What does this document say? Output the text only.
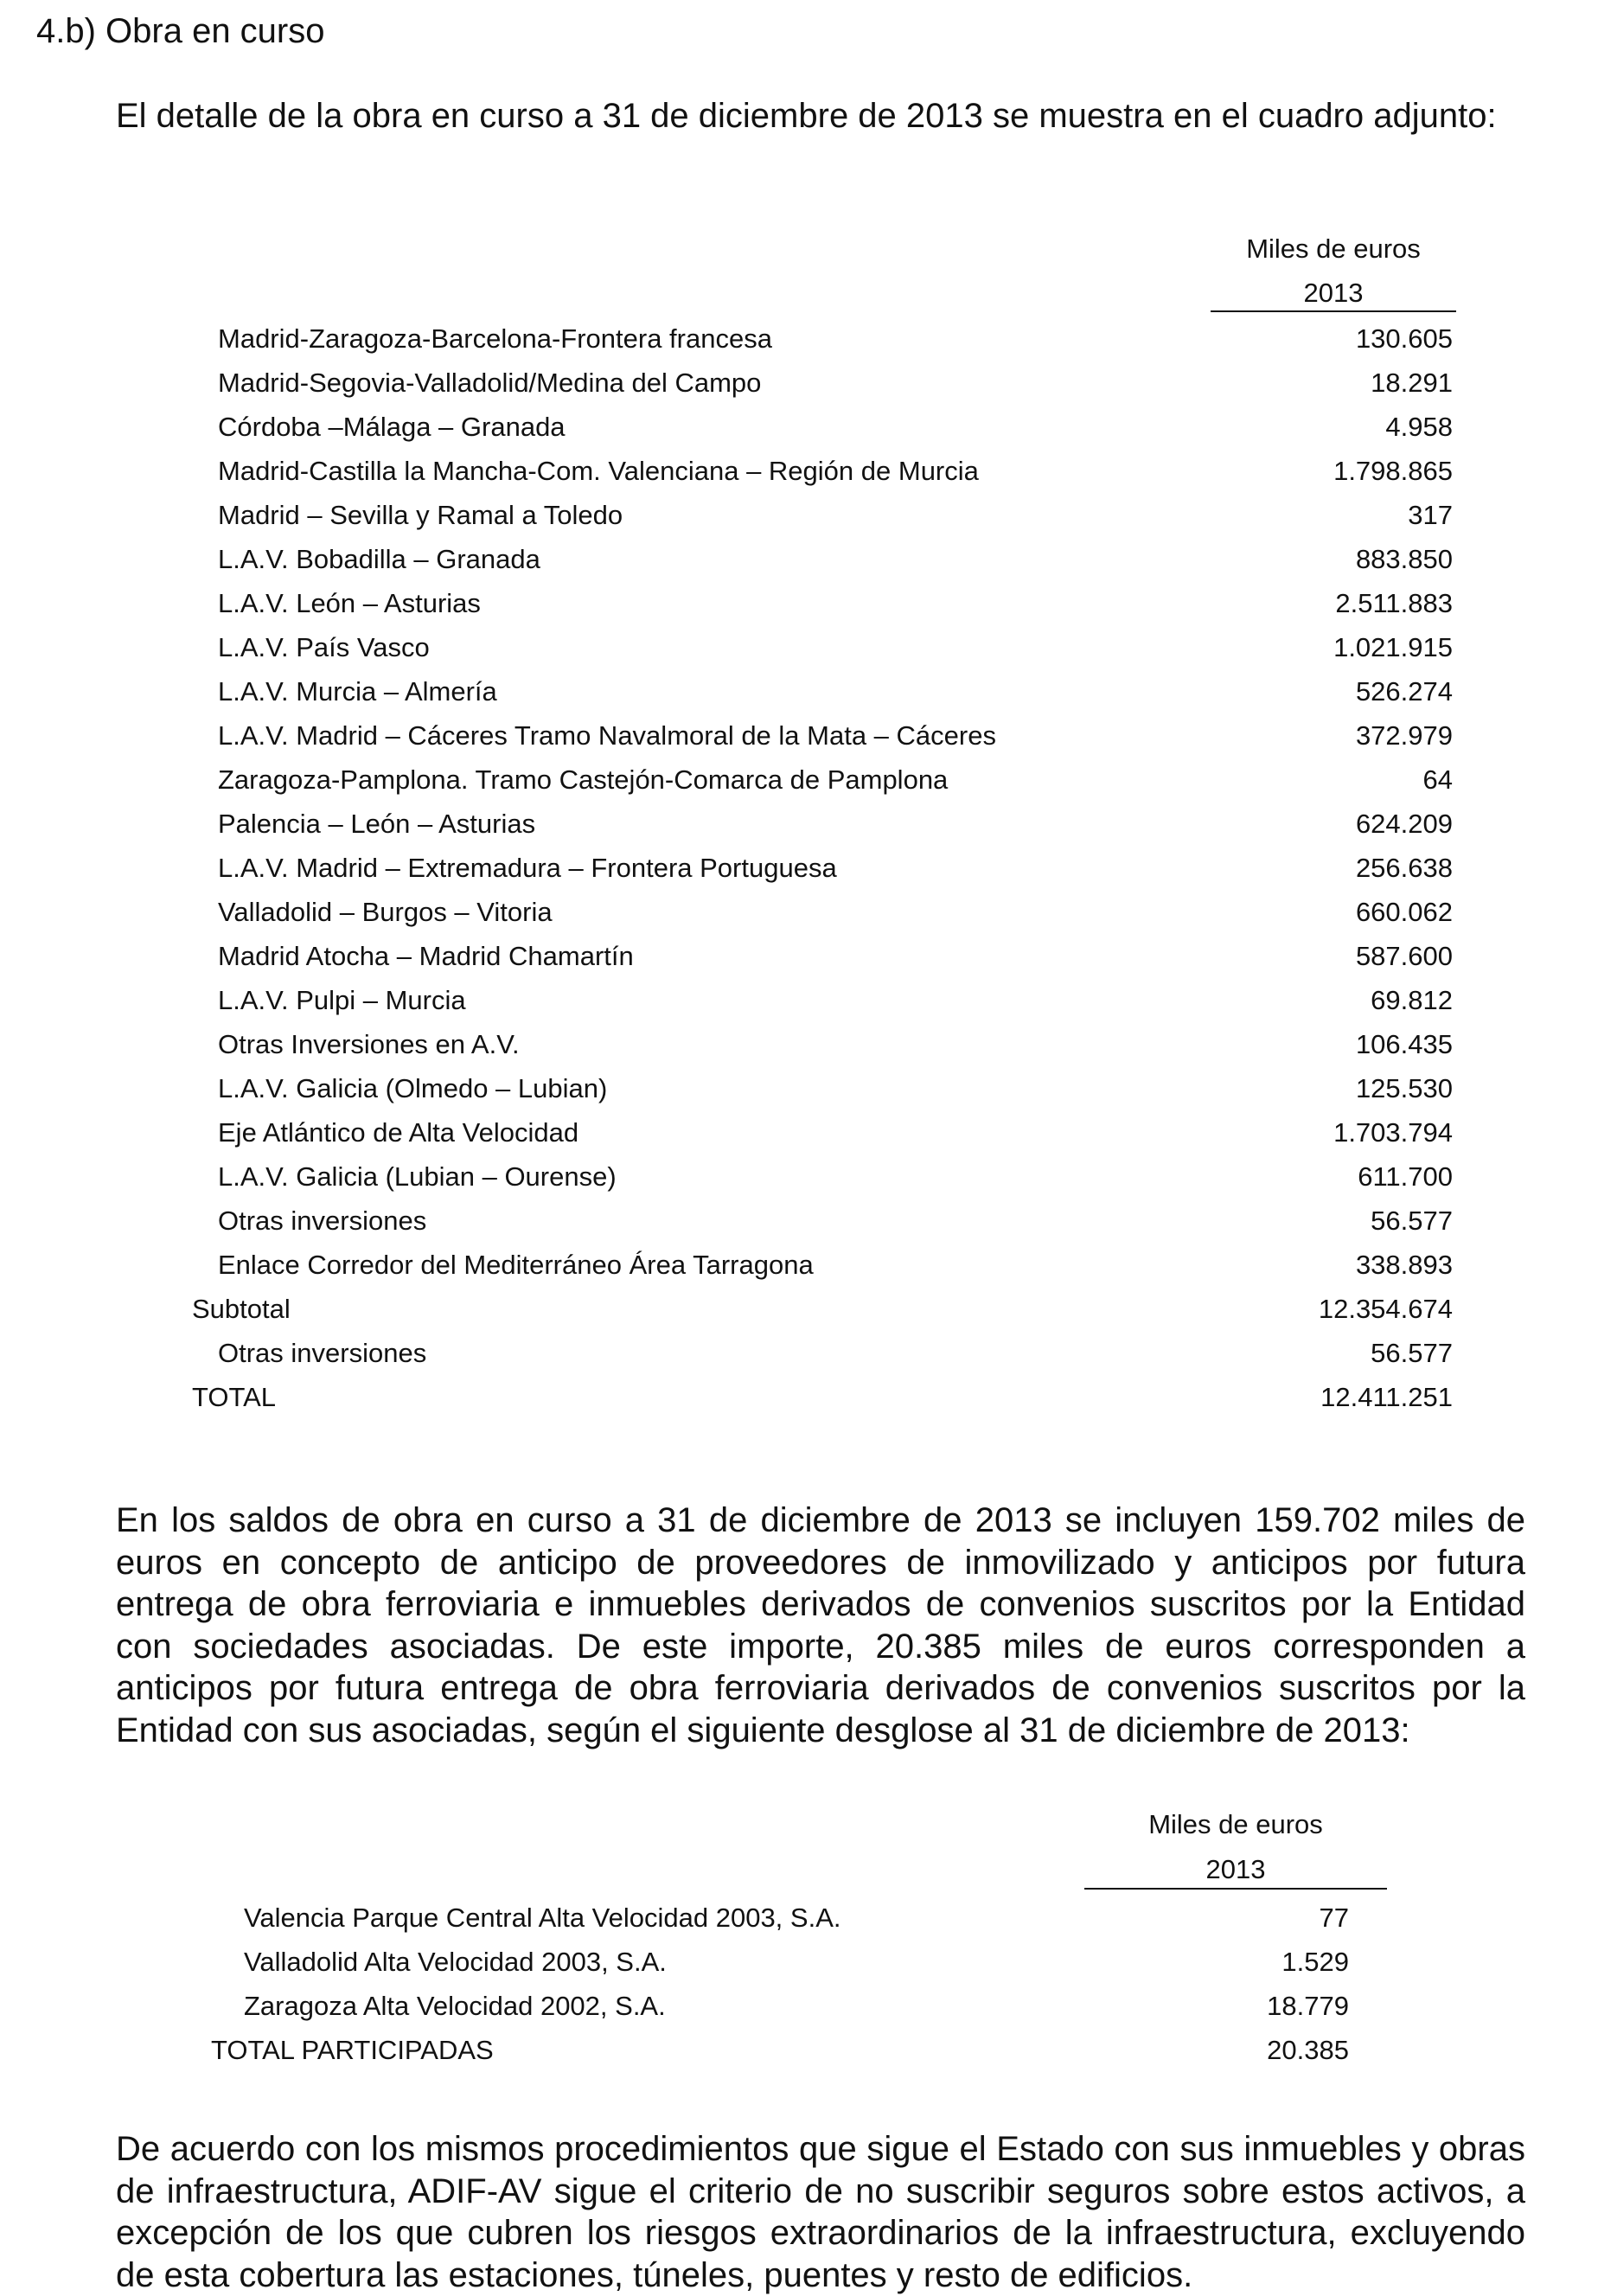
4.b) Obra en curso

El detalle de la obra en curso a 31 de diciembre de 2013 se muestra en el cuadro adjunto:

Miles de euros
2013
Madrid-Zaragoza-Barcelona-Frontera francesa	130.605
Madrid-Segovia-Valladolid/Medina del Campo	18.291
Córdoba –Málaga – Granada	4.958
Madrid-Castilla la Mancha-Com. Valenciana – Región de Murcia	1.798.865
Madrid – Sevilla y Ramal a Toledo	317
L.A.V. Bobadilla – Granada	883.850
L.A.V. León – Asturias	2.511.883
L.A.V. País Vasco	1.021.915
L.A.V. Murcia – Almería	526.274
L.A.V. Madrid – Cáceres Tramo Navalmoral de la Mata – Cáceres	372.979
Zaragoza-Pamplona. Tramo Castejón-Comarca de Pamplona	64
Palencia – León – Asturias	624.209
L.A.V. Madrid – Extremadura – Frontera Portuguesa	256.638
Valladolid – Burgos – Vitoria	660.062
Madrid Atocha – Madrid Chamartín	587.600
L.A.V. Pulpi – Murcia	69.812
Otras Inversiones en A.V.	106.435
L.A.V. Galicia (Olmedo – Lubian)	125.530
Eje Atlántico de Alta Velocidad	1.703.794
L.A.V. Galicia (Lubian – Ourense)	611.700
Otras inversiones	56.577
Enlace Corredor del Mediterráneo Área Tarragona	338.893
Subtotal	12.354.674
Otras inversiones	56.577
TOTAL	12.411.251

En los saldos de obra en curso a 31 de diciembre de 2013 se incluyen 159.702 miles de euros en concepto de anticipo de proveedores de inmovilizado y anticipos por futura entrega de obra ferroviaria e inmuebles derivados de convenios suscritos por la Entidad con sociedades asociadas. De este importe, 20.385 miles de euros corresponden a anticipos por futura entrega de obra ferroviaria derivados de convenios suscritos por la Entidad con sus asociadas, según el siguiente desglose al 31 de diciembre de 2013:

Miles de euros
2013
Valencia Parque Central Alta Velocidad 2003, S.A.	77
Valladolid Alta Velocidad 2003, S.A.	1.529
Zaragoza Alta Velocidad 2002, S.A.	18.779
TOTAL PARTICIPADAS	20.385

De acuerdo con los mismos procedimientos que sigue el Estado con sus inmuebles y obras de infraestructura, ADIF-AV sigue el criterio de no suscribir seguros sobre estos activos, a excepción de los que cubren los riesgos extraordinarios de la infraestructura, excluyendo de esta cobertura las estaciones, túneles, puentes y resto de edificios.
